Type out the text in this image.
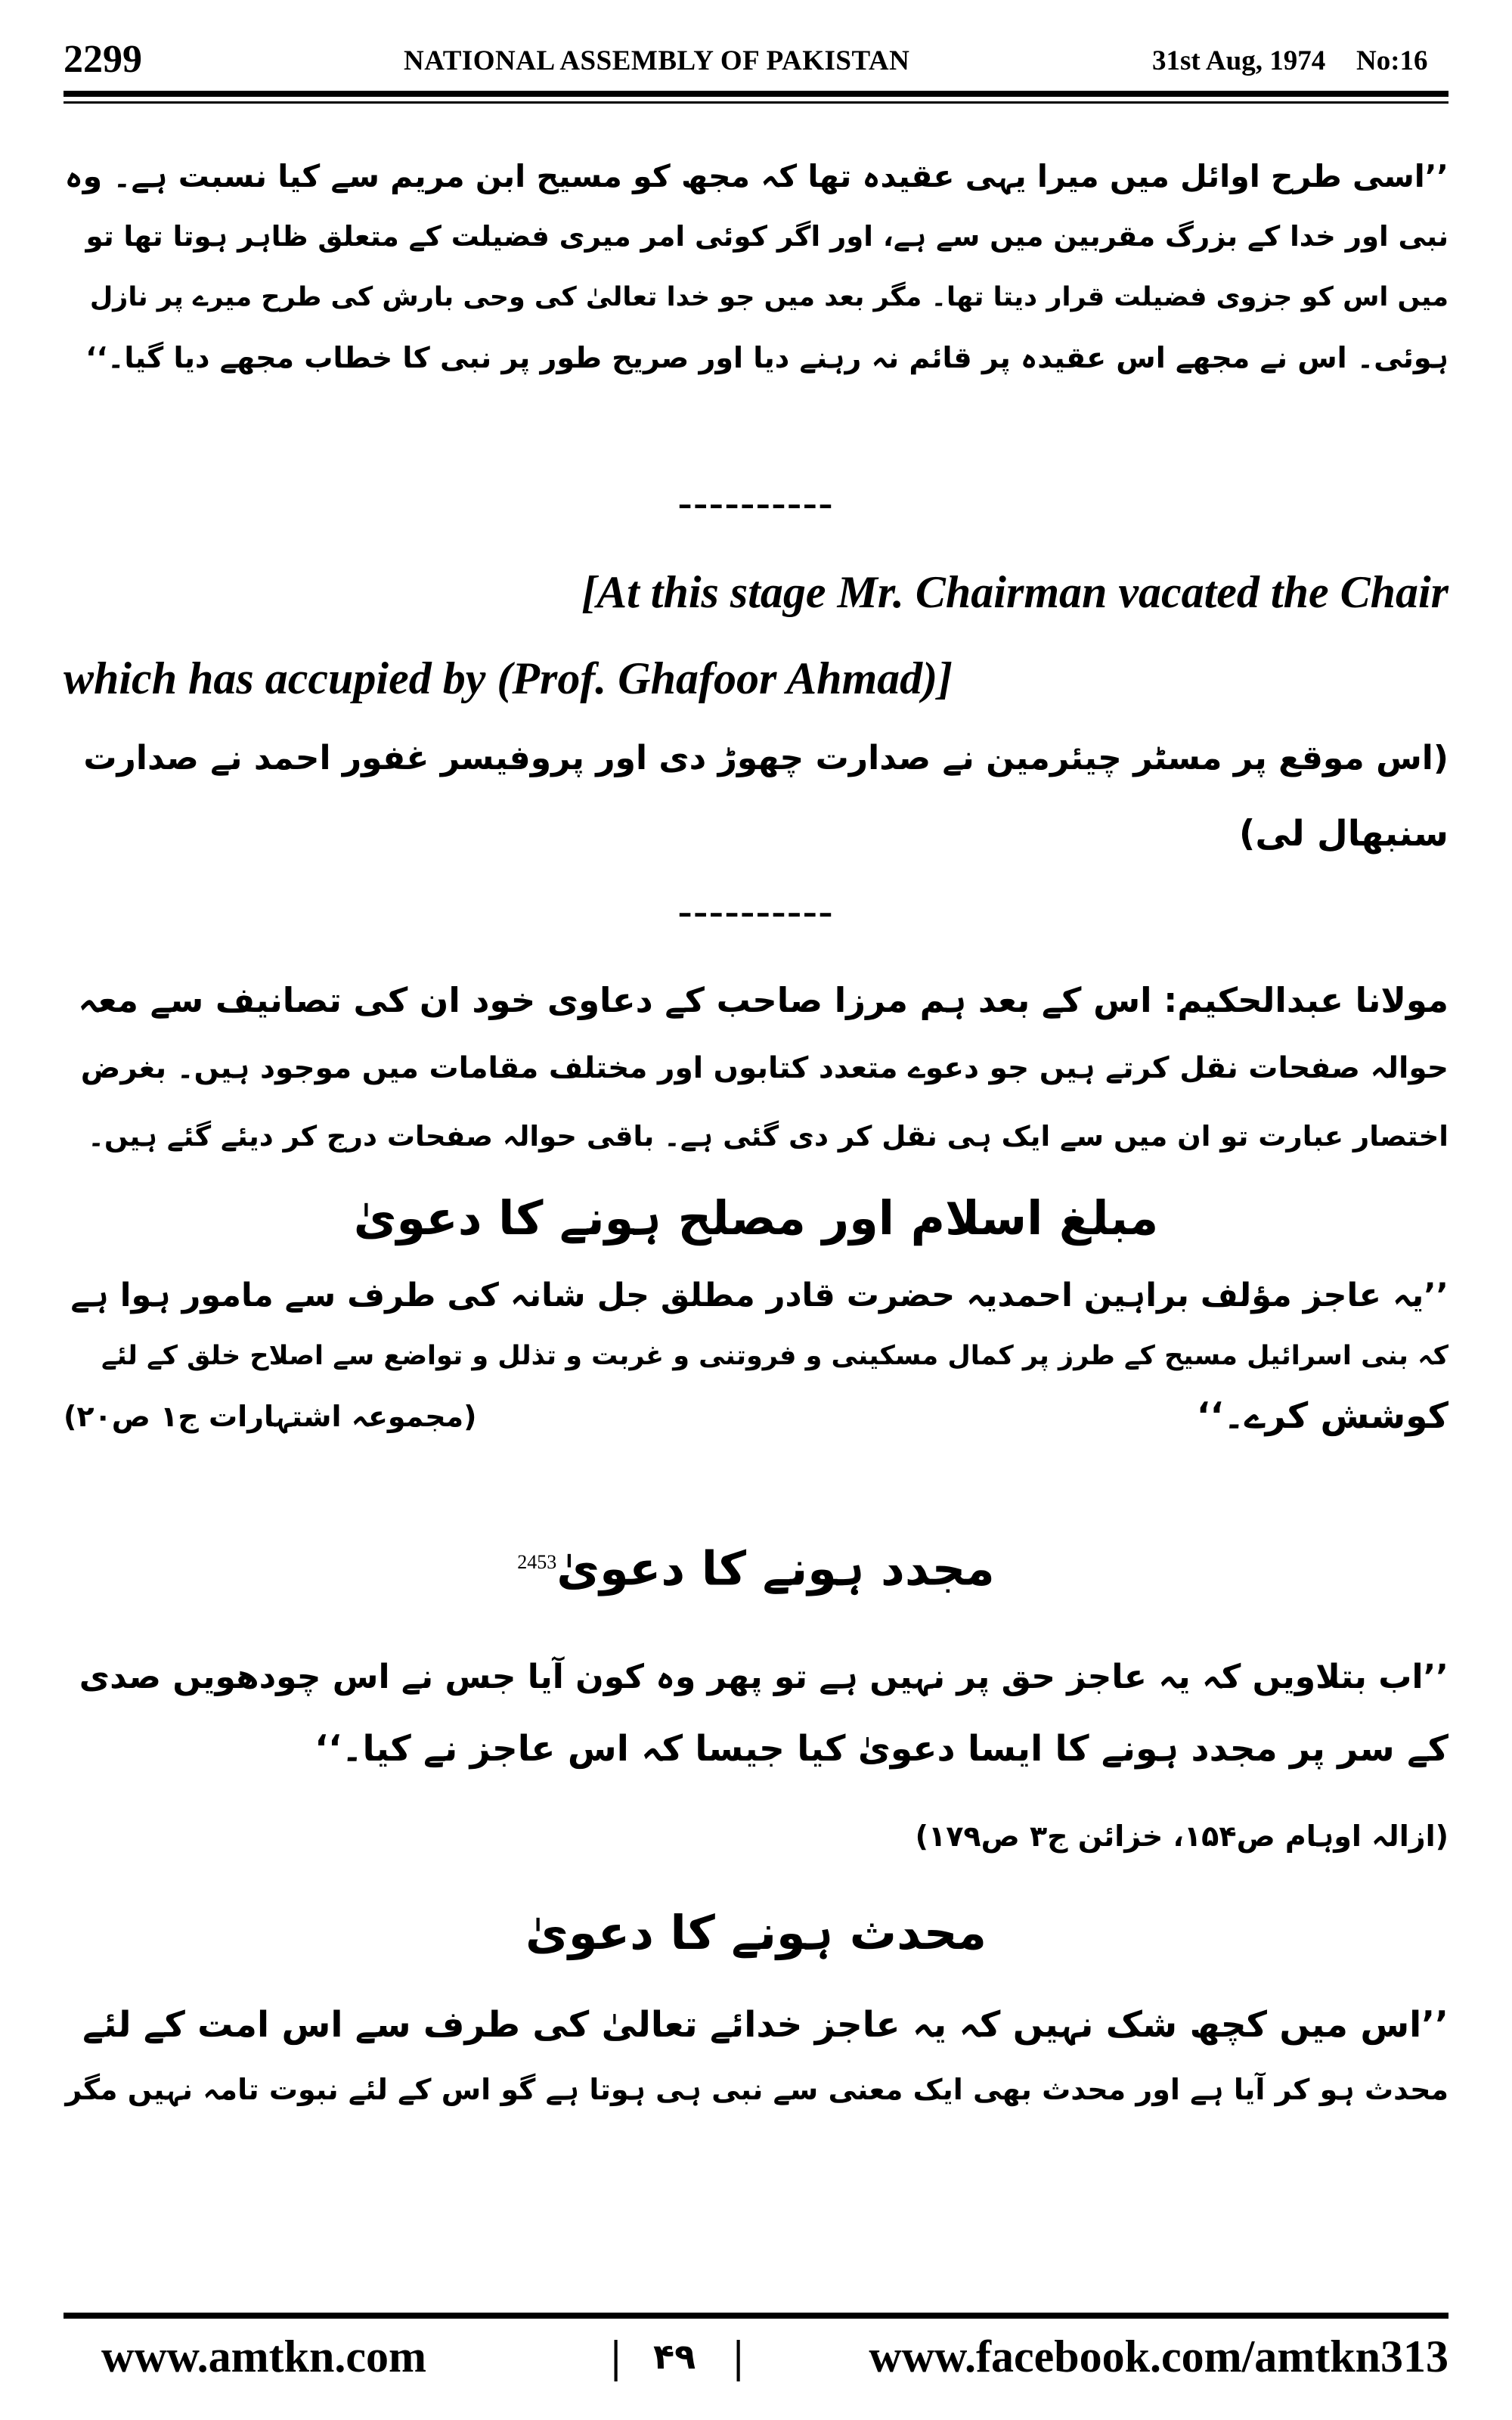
2299	NATIONAL ASSEMBLY OF PAKISTAN	31st Aug, 1974 No:16
’’اسی طرح اوائل میں میرا یہی عقیدہ تھا کہ مجھ کو مسیح ابن مریم سے کیا نسبت ہے۔ وہ
نبی اور خدا کے بزرگ مقربین میں سے ہے، اور اگر کوئی امر میری فضیلت کے متعلق ظاہر ہوتا تھا تو
میں اس کو جزوی فضیلت قرار دیتا تھا۔ مگر بعد میں جو خدا تعالیٰ کی وحی بارش کی طرح میرے پر نازل
ہوئی۔ اس نے مجھے اس عقیدہ پر قائم نہ رہنے دیا اور صریح طور پر نبی کا خطاب مجھے دیا گیا۔‘‘
----------
[At this stage Mr. Chairman vacated the Chair
which has accupied by (Prof. Ghafoor Ahmad)]
(اس موقع پر مسٹر چیئرمین نے صدارت چھوڑ دی اور پروفیسر غفور احمد نے صدارت
سنبھال لی)
----------
مولانا عبدالحکیم: اس کے بعد ہم مرزا صاحب کے دعاوی خود ان کی تصانیف سے معہ
حوالہ صفحات نقل کرتے ہیں جو دعوے متعدد کتابوں اور مختلف مقامات میں موجود ہیں۔ بغرض
اختصار عبارت تو ان میں سے ایک ہی نقل کر دی گئی ہے۔ باقی حوالہ صفحات درج کر دیئے گئے ہیں۔
مبلغ اسلام اور مصلح ہونے کا دعویٰ
’’یہ عاجز مؤلف براہین احمدیہ حضرت قادر مطلق جل شانہ کی طرف سے مامور ہوا ہے
کہ بنی اسرائیل مسیح کے طرز پر کمال مسکینی و فروتنی و غربت و تذلل و تواضع سے اصلاح خلق کے لئے
کوشش کرے۔‘‘
(مجموعہ اشتہارات ج۱ ص۲۰)
مجدد ہونے کا دعویٰ$^{2453}$
’’اب بتلاویں کہ یہ عاجز حق پر نہیں ہے تو پھر وہ کون آیا جس نے اس چودھویں صدی
کے سر پر مجدد ہونے کا ایسا دعویٰ کیا جیسا کہ اس عاجز نے کیا۔‘‘
(ازالہ اوہام ص۱۵۴، خزائن ج۳ ص۱۷۹)
محدث ہونے کا دعویٰ
’’اس میں کچھ شک نہیں کہ یہ عاجز خدائے تعالیٰ کی طرف سے اس امت کے لئے
محدث ہو کر آیا ہے اور محدث بھی ایک معنی سے نبی ہی ہوتا ہے گو اس کے لئے نبوت تامہ نہیں مگر
www.amtkn.com	| ۴۹ |	www.facebook.com/amtkn313
